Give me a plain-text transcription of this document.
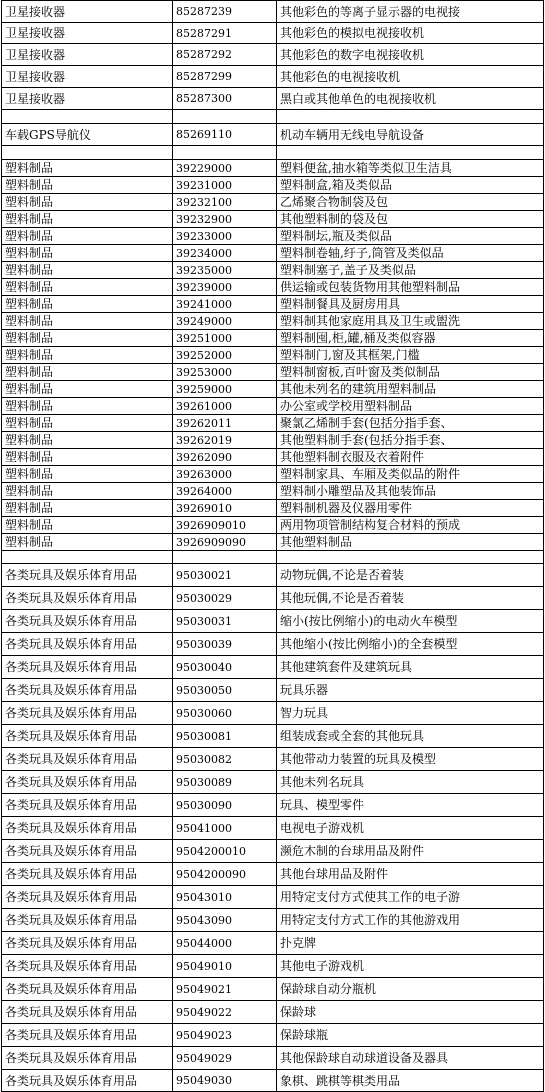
卫星接收器	85287239	其他彩色的等离子显示器的电视接
卫星接收器	85287291	其他彩色的模拟电视接收机
卫星接收器	85287292	其他彩色的数字电视接收机
卫星接收器	85287299	其他彩色的电视接收机
卫星接收器	85287300	黑白或其他单色的电视接收机

车载GPS导航仪	85269110	机动车辆用无线电导航设备

塑料制品	39229000	塑料便盆,抽水箱等类似卫生洁具
塑料制品	39231000	塑料制盒,箱及类似品
塑料制品	39232100	乙烯聚合物制袋及包
塑料制品	39232900	其他塑料制的袋及包
塑料制品	39233000	塑料制坛,瓶及类似品
塑料制品	39234000	塑料制卷轴,纡子,筒管及类似品
塑料制品	39235000	塑料制塞子,盖子及类似品
塑料制品	39239000	供运输或包装货物用其他塑料制品
塑料制品	39241000	塑料制餐具及厨房用具
塑料制品	39249000	塑料制其他家庭用具及卫生或盥洗
塑料制品	39251000	塑料制囤,柜,罐,桶及类似容器
塑料制品	39252000	塑料制门,窗及其框架,门槛
塑料制品	39253000	塑料制窗板,百叶窗及类似制品
塑料制品	39259000	其他未列名的建筑用塑料制品
塑料制品	39261000	办公室或学校用塑料制品
塑料制品	39262011	聚氯乙烯制手套(包括分指手套、
塑料制品	39262019	其他塑料制手套(包括分指手套、
塑料制品	39262090	其他塑料制衣服及衣着附件
塑料制品	39263000	塑料制家具、车厢及类似品的附件
塑料制品	39264000	塑料制小雕塑品及其他装饰品
塑料制品	39269010	塑料制机器及仪器用零件
塑料制品	3926909010	两用物项管制结构复合材料的预成
塑料制品	3926909090	其他塑料制品

各类玩具及娱乐体育用品	95030021	动物玩偶,不论是否着装
各类玩具及娱乐体育用品	95030029	其他玩偶,不论是否着装
各类玩具及娱乐体育用品	95030031	缩小(按比例缩小)的电动火车模型
各类玩具及娱乐体育用品	95030039	其他缩小(按比例缩小)的全套模型
各类玩具及娱乐体育用品	95030040	其他建筑套件及建筑玩具
各类玩具及娱乐体育用品	95030050	玩具乐器
各类玩具及娱乐体育用品	95030060	智力玩具
各类玩具及娱乐体育用品	95030081	组装成套或全套的其他玩具
各类玩具及娱乐体育用品	95030082	其他带动力装置的玩具及模型
各类玩具及娱乐体育用品	95030089	其他未列名玩具
各类玩具及娱乐体育用品	95030090	玩具、模型零件
各类玩具及娱乐体育用品	95041000	电视电子游戏机
各类玩具及娱乐体育用品	9504200010	濒危木制的台球用品及附件
各类玩具及娱乐体育用品	9504200090	其他台球用品及附件
各类玩具及娱乐体育用品	95043010	用特定支付方式使其工作的电子游
各类玩具及娱乐体育用品	95043090	用特定支付方式工作的其他游戏用
各类玩具及娱乐体育用品	95044000	扑克牌
各类玩具及娱乐体育用品	95049010	其他电子游戏机
各类玩具及娱乐体育用品	95049021	保龄球自动分瓶机
各类玩具及娱乐体育用品	95049022	保龄球
各类玩具及娱乐体育用品	95049023	保龄球瓶
各类玩具及娱乐体育用品	95049029	其他保龄球自动球道设备及器具
各类玩具及娱乐体育用品	95049030	象棋、跳棋等棋类用品
